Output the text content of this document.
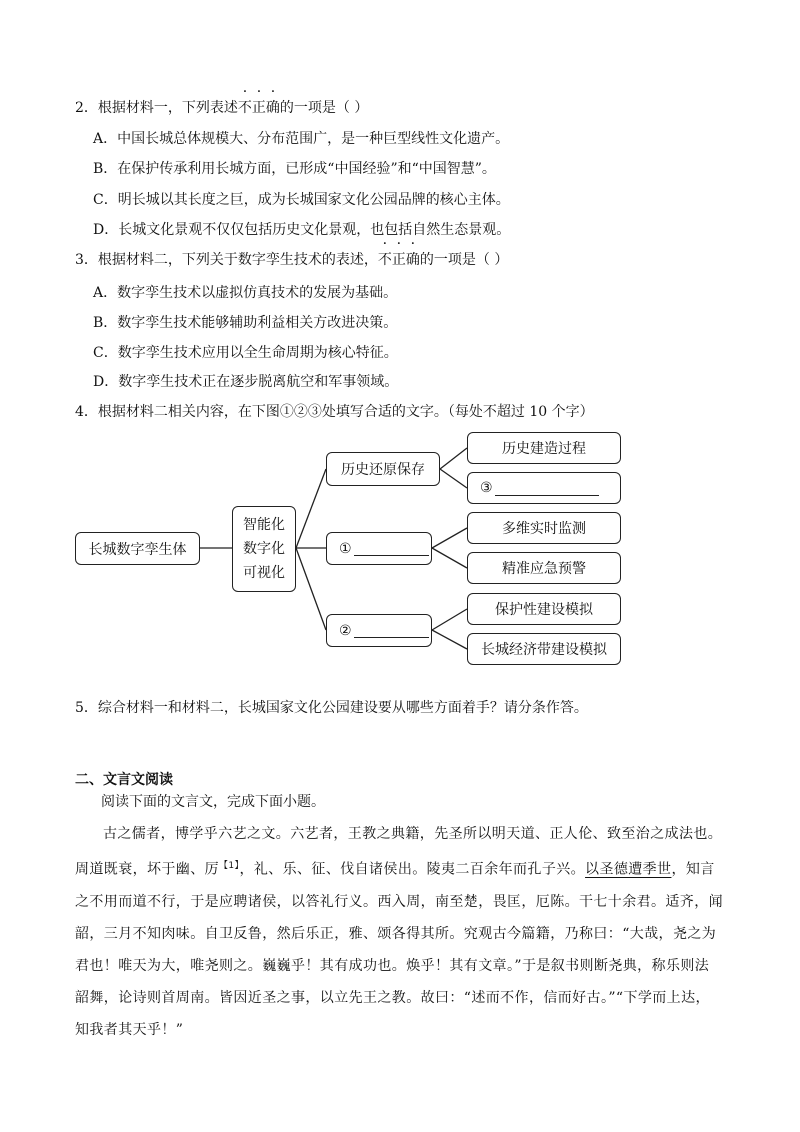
2．根据材料一，下列表述不正确的一项是（ ）
A．中国长城总体规模大、分布范围广，是一种巨型线性文化遗产。
B．在保护传承利用长城方面，已形成“中国经验”和“中国智慧”。
C．明长城以其长度之巨，成为长城国家文化公园品牌的核心主体。
D．长城文化景观不仅仅包括历史文化景观，也包括自然生态景观。
3．根据材料二，下列关于数字孪生技术的表述，不正确的一项是（ ）
A．数字孪生技术以虚拟仿真技术的发展为基础。
B．数字孪生技术能够辅助利益相关方改进决策。
C．数字孪生技术应用以全生命周期为核心特征。
D．数字孪生技术正在逐步脱离航空和军事领域。
4．根据材料二相关内容，在下图①②③处填写合适的文字。（每处不超过 10 个字）
长城数字孪生体
智能化
数字化
可视化
历史还原保存
①
②
历史建造过程
③
多维实时监测
精准应急预警
保护性建设模拟
长城经济带建设模拟
5．综合材料一和材料二，长城国家文化公园建设要从哪些方面着手？请分条作答。
二、文言文阅读
阅读下面的文言文，完成下面小题。
古之儒者，博学乎六艺之文。六艺者，王教之典籍，先圣所以明天道、正人伦、致至治之成法也。周道既衰，坏于幽、厉$^{【1】}$，礼、乐、征、伐自诸侯出。陵夷二百余年而孔子兴。以圣德遭季世，知言之不用而道不行，于是应聘诸侯，以答礼行义。西入周，南至楚，畏匡，厄陈。干七十余君。适齐，闻韶，三月不知肉味。自卫反鲁，然后乐正，雅、颂各得其所。究观古今篇籍，乃称曰：“大哉，尧之为君也！唯天为大，唯尧则之。巍巍乎！其有成功也。焕乎！其有文章。”于是叙书则断尧典，称乐则法韶舞，论诗则首周南。皆因近圣之事，以立先王之教。故曰：“述而不作，信而好古。”“下学而上达，知我者其天乎！”
